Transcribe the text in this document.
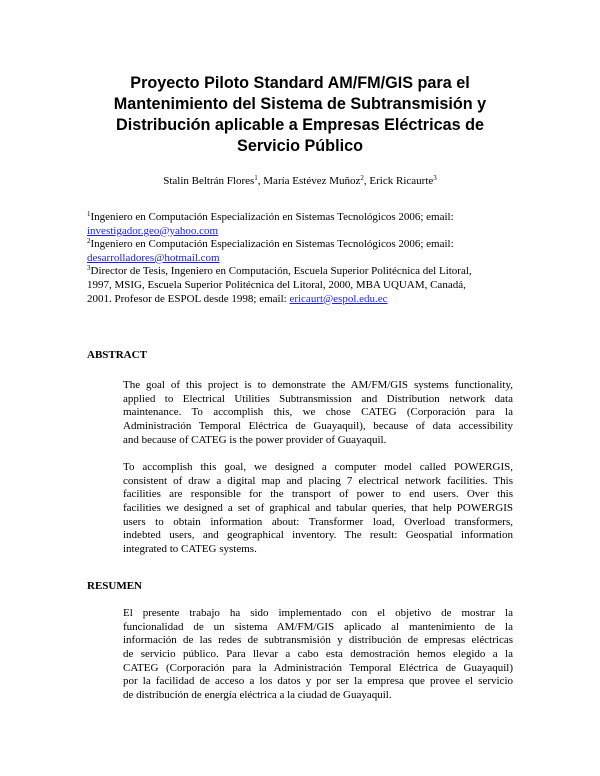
Proyecto Piloto Standard AM/FM/GIS para el
Mantenimiento del Sistema de Subtransmisión y
Distribución aplicable a Empresas Eléctricas de
Servicio Público
Stalin Beltrán Flores$^1$, María Estévez Muñoz$^2$, Erick Ricaurte$^3$
$^1$Ingeniero en Computación Especialización en Sistemas Tecnológicos 2006; email:
investigador.geo@yahoo.com
$^2$Ingeniero en Computación Especialización en Sistemas Tecnológicos 2006; email:
desarrolladores@hotmail.com
$^3$Director de Tesis, Ingeniero en Computación, Escuela Superior Politécnica del Litoral,
1997, MSIG, Escuela Superior Politécnica del Litoral, 2000, MBA UQUAM, Canadá,
2001. Profesor de ESPOL desde 1998; email: ericaurt@espol.edu.ec
ABSTRACT
The goal of this project is to demonstrate the AM/FM/GIS systems functionality,
applied to Electrical Utilities Subtransmission and Distribution network data
maintenance. To accomplish this, we chose CATEG (Corporación para la
Administración Temporal Eléctrica de Guayaquil), because of data accessibility
and because of CATEG is the power provider of Guayaquil.
To accomplish this goal, we designed a computer model called POWERGIS,
consistent of draw a digital map and placing 7 electrical network facilities. This
facilities are responsible for the transport of power to end users. Over this
facilities we designed a set of graphical and tabular queries, that help POWERGIS
users to obtain information about: Transformer load, Overload transformers,
indebted users, and geographical inventory. The result: Geospatial information
integrated to CATEG systems.
RESUMEN
El presente trabajo ha sido implementado con el objetivo de mostrar la
funcionalidad de un sistema AM/FM/GIS aplicado al mantenimiento de la
información de las redes de subtransmisión y distribución de empresas eléctricas
de servicio público. Para llevar a cabo esta demostración hemos elegido a la
CATEG (Corporación para la Administración Temporal Eléctrica de Guayaquil)
por la facilidad de acceso a los datos y por ser la empresa que provee el servicio
de distribución de energía eléctrica a la ciudad de Guayaquil.
